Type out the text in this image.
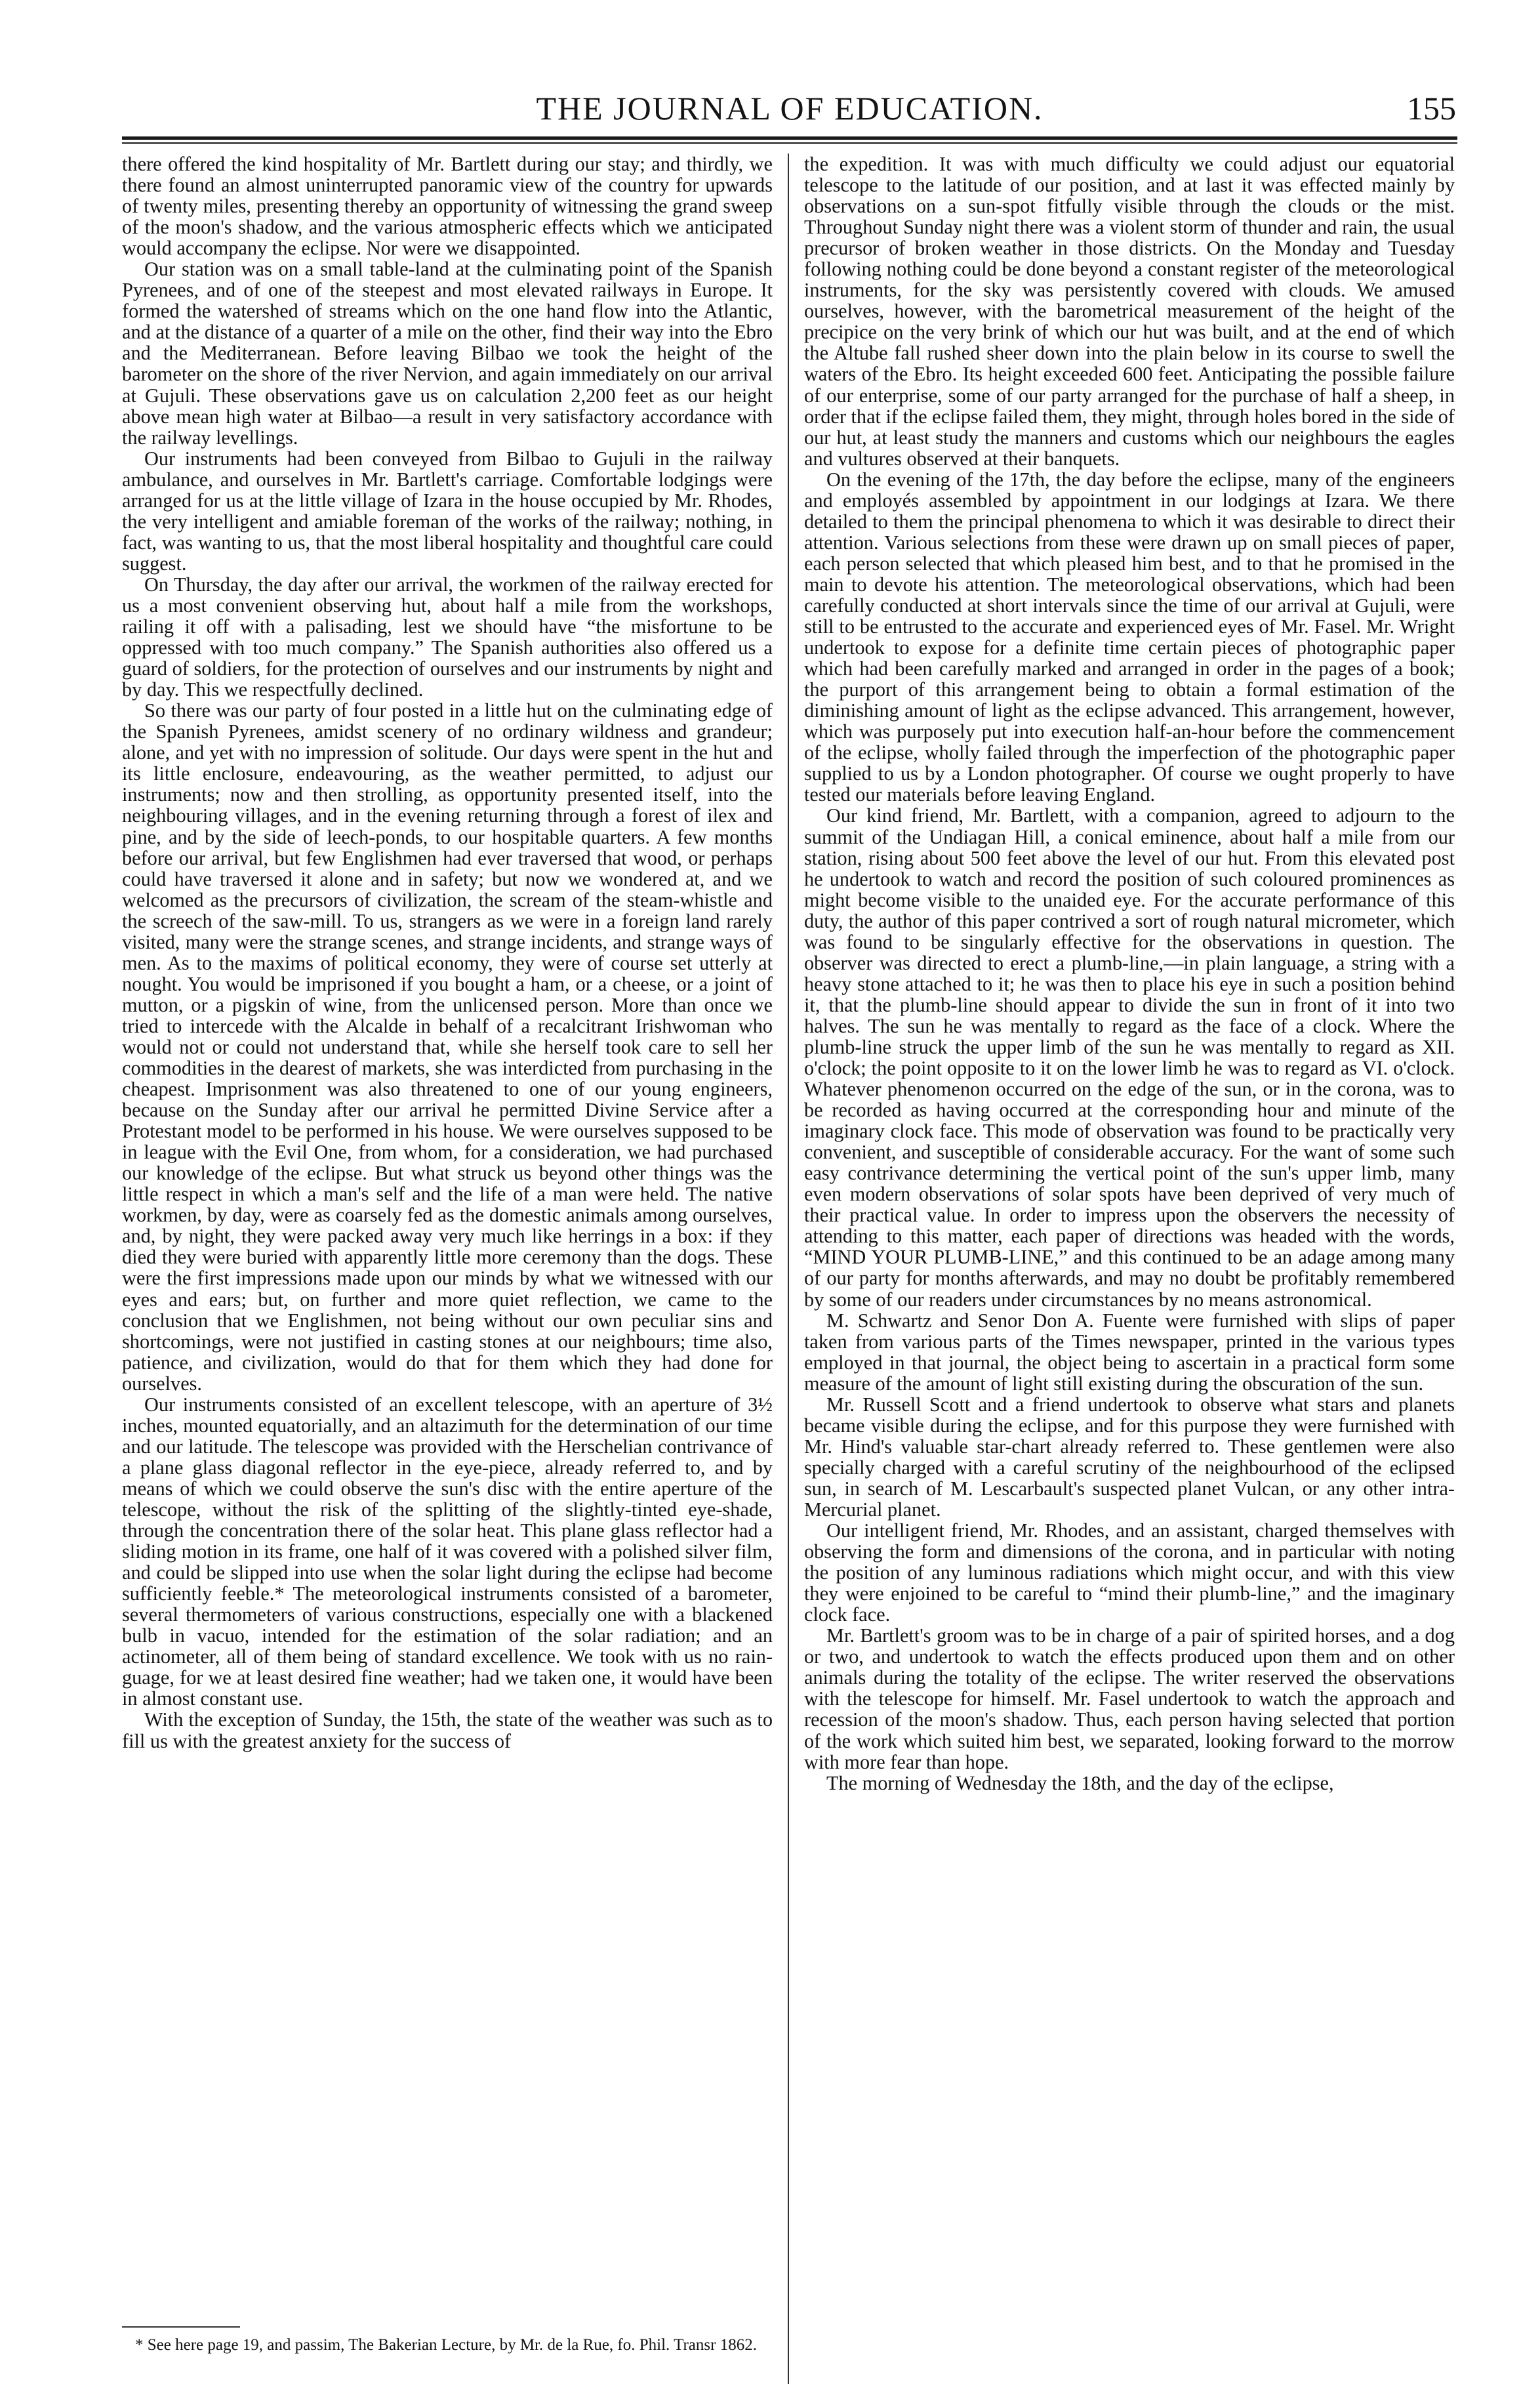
THE JOURNAL OF EDUCATION.	155

there offered the kind hospitality of Mr. Bartlett during our stay; and thirdly, we there found an almost uninterrupted panoramic view of the country for upwards of twenty miles, presenting thereby an opportunity of witnessing the grand sweep of the moon's shadow, and the various atmospheric effects which we anticipated would accompany the eclipse. Nor were we disappointed.

Our station was on a small table-land at the culminating point of the Spanish Pyrenees, and of one of the steepest and most elevated railways in Europe. It formed the watershed of streams which on the one hand flow into the Atlantic, and at the distance of a quarter of a mile on the other, find their way into the Ebro and the Mediterranean. Before leaving Bilbao we took the height of the barometer on the shore of the river Nervion, and again immediately on our arrival at Gujuli. These observations gave us on calculation 2,200 feet as our height above mean high water at Bilbao—a result in very satisfactory accordance with the railway levellings.

Our instruments had been conveyed from Bilbao to Gujuli in the railway ambulance, and ourselves in Mr. Bartlett's carriage. Comfortable lodgings were arranged for us at the little village of Izara in the house occupied by Mr. Rhodes, the very intelligent and amiable foreman of the works of the railway; nothing, in fact, was wanting to us, that the most liberal hospitality and thoughtful care could suggest.

On Thursday, the day after our arrival, the workmen of the railway erected for us a most convenient observing hut, about half a mile from the workshops, railing it off with a palisading, lest we should have “the misfortune to be oppressed with too much company.” The Spanish authorities also offered us a guard of soldiers, for the protection of ourselves and our instruments by night and by day. This we respectfully declined.

So there was our party of four posted in a little hut on the culminating edge of the Spanish Pyrenees, amidst scenery of no ordinary wildness and grandeur; alone, and yet with no impression of solitude. Our days were spent in the hut and its little enclosure, endeavouring, as the weather permitted, to adjust our instruments; now and then strolling, as opportunity presented itself, into the neighbouring villages, and in the evening returning through a forest of ilex and pine, and by the side of leech-ponds, to our hospitable quarters. A few months before our arrival, but few Englishmen had ever traversed that wood, or perhaps could have traversed it alone and in safety; but now we wondered at, and we welcomed as the precursors of civilization, the scream of the steam-whistle and the screech of the saw-mill. To us, strangers as we were in a foreign land rarely visited, many were the strange scenes, and strange incidents, and strange ways of men. As to the maxims of political economy, they were of course set utterly at nought. You would be imprisoned if you bought a ham, or a cheese, or a joint of mutton, or a pigskin of wine, from the unlicensed person. More than once we tried to intercede with the Alcalde in behalf of a recalcitrant Irishwoman who would not or could not understand that, while she herself took care to sell her commodities in the dearest of markets, she was interdicted from purchasing in the cheapest. Imprisonment was also threatened to one of our young engineers, because on the Sunday after our arrival he permitted Divine Service after a Protestant model to be performed in his house. We were ourselves supposed to be in league with the Evil One, from whom, for a consideration, we had purchased our knowledge of the eclipse. But what struck us beyond other things was the little respect in which a man's self and the life of a man were held. The native workmen, by day, were as coarsely fed as the domestic animals among ourselves, and, by night, they were packed away very much like herrings in a box: if they died they were buried with apparently little more ceremony than the dogs. These were the first impressions made upon our minds by what we witnessed with our eyes and ears; but, on further and more quiet reflection, we came to the conclusion that we Englishmen, not being without our own peculiar sins and shortcomings, were not justified in casting stones at our neighbours; time also, patience, and civilization, would do that for them which they had done for ourselves.

Our instruments consisted of an excellent telescope, with an aperture of 3½ inches, mounted equatorially, and an altazimuth for the determination of our time and our latitude. The telescope was provided with the Herschelian contrivance of a plane glass diagonal reflector in the eye-piece, already referred to, and by means of which we could observe the sun's disc with the entire aperture of the telescope, without the risk of the splitting of the slightly-tinted eye-shade, through the concentration there of the solar heat. This plane glass reflector had a sliding motion in its frame, one half of it was covered with a polished silver film, and could be slipped into use when the solar light during the eclipse had become sufficiently feeble.* The meteorological instruments consisted of a barometer, several thermometers of various constructions, especially one with a blackened bulb in vacuo, intended for the estimation of the solar radiation; and an actinometer, all of them being of standard excellence. We took with us no rain-guage, for we at least desired fine weather; had we taken one, it would have been in almost constant use.

With the exception of Sunday, the 15th, the state of the weather was such as to fill us with the greatest anxiety for the success of

the expedition. It was with much difficulty we could adjust our equatorial telescope to the latitude of our position, and at last it was effected mainly by observations on a sun-spot fitfully visible through the clouds or the mist. Throughout Sunday night there was a violent storm of thunder and rain, the usual precursor of broken weather in those districts. On the Monday and Tuesday following nothing could be done beyond a constant register of the meteorological instruments, for the sky was persistently covered with clouds. We amused ourselves, however, with the barometrical measurement of the height of the precipice on the very brink of which our hut was built, and at the end of which the Altube fall rushed sheer down into the plain below in its course to swell the waters of the Ebro. Its height exceeded 600 feet. Anticipating the possible failure of our enterprise, some of our party arranged for the purchase of half a sheep, in order that if the eclipse failed them, they might, through holes bored in the side of our hut, at least study the manners and customs which our neighbours the eagles and vultures observed at their banquets.

On the evening of the 17th, the day before the eclipse, many of the engineers and employés assembled by appointment in our lodgings at Izara. We there detailed to them the principal phenomena to which it was desirable to direct their attention. Various selections from these were drawn up on small pieces of paper, each person selected that which pleased him best, and to that he promised in the main to devote his attention. The meteorological observations, which had been carefully conducted at short intervals since the time of our arrival at Gujuli, were still to be entrusted to the accurate and experienced eyes of Mr. Fasel. Mr. Wright undertook to expose for a definite time certain pieces of photographic paper which had been carefully marked and arranged in order in the pages of a book; the purport of this arrangement being to obtain a formal estimation of the diminishing amount of light as the eclipse advanced. This arrangement, however, which was purposely put into execution half-an-hour before the commencement of the eclipse, wholly failed through the imperfection of the photographic paper supplied to us by a London photographer. Of course we ought properly to have tested our materials before leaving England.

Our kind friend, Mr. Bartlett, with a companion, agreed to adjourn to the summit of the Undiagan Hill, a conical eminence, about half a mile from our station, rising about 500 feet above the level of our hut. From this elevated post he undertook to watch and record the position of such coloured prominences as might become visible to the unaided eye. For the accurate performance of this duty, the author of this paper contrived a sort of rough natural micrometer, which was found to be singularly effective for the observations in question. The observer was directed to erect a plumb-line,—in plain language, a string with a heavy stone attached to it; he was then to place his eye in such a position behind it, that the plumb-line should appear to divide the sun in front of it into two halves. The sun he was mentally to regard as the face of a clock. Where the plumb-line struck the upper limb of the sun he was mentally to regard as XII. o'clock; the point opposite to it on the lower limb he was to regard as VI. o'clock. Whatever phenomenon occurred on the edge of the sun, or in the corona, was to be recorded as having occurred at the corresponding hour and minute of the imaginary clock face. This mode of observation was found to be practically very convenient, and susceptible of considerable accuracy. For the want of some such easy contrivance determining the vertical point of the sun's upper limb, many even modern observations of solar spots have been deprived of very much of their practical value. In order to impress upon the observers the necessity of attending to this matter, each paper of directions was headed with the words, “MIND YOUR PLUMB-LINE,” and this continued to be an adage among many of our party for months afterwards, and may no doubt be profitably remembered by some of our readers under circumstances by no means astronomical.

M. Schwartz and Senor Don A. Fuente were furnished with slips of paper taken from various parts of the Times newspaper, printed in the various types employed in that journal, the object being to ascertain in a practical form some measure of the amount of light still existing during the obscuration of the sun.

Mr. Russell Scott and a friend undertook to observe what stars and planets became visible during the eclipse, and for this purpose they were furnished with Mr. Hind's valuable star-chart already referred to. These gentlemen were also specially charged with a careful scrutiny of the neighbourhood of the eclipsed sun, in search of M. Lescarbault's suspected planet Vulcan, or any other intra-Mercurial planet.

Our intelligent friend, Mr. Rhodes, and an assistant, charged themselves with observing the form and dimensions of the corona, and in particular with noting the position of any luminous radiations which might occur, and with this view they were enjoined to be careful to “mind their plumb-line,” and the imaginary clock face.

Mr. Bartlett's groom was to be in charge of a pair of spirited horses, and a dog or two, and undertook to watch the effects produced upon them and on other animals during the totality of the eclipse. The writer reserved the observations with the telescope for himself. Mr. Fasel undertook to watch the approach and recession of the moon's shadow. Thus, each person having selected that portion of the work which suited him best, we separated, looking forward to the morrow with more fear than hope.

The morning of Wednesday the 18th, and the day of the eclipse,

* See here page 19, and passim, The Bakerian Lecture, by Mr. de la Rue, fo. Phil. Transr 1862.
